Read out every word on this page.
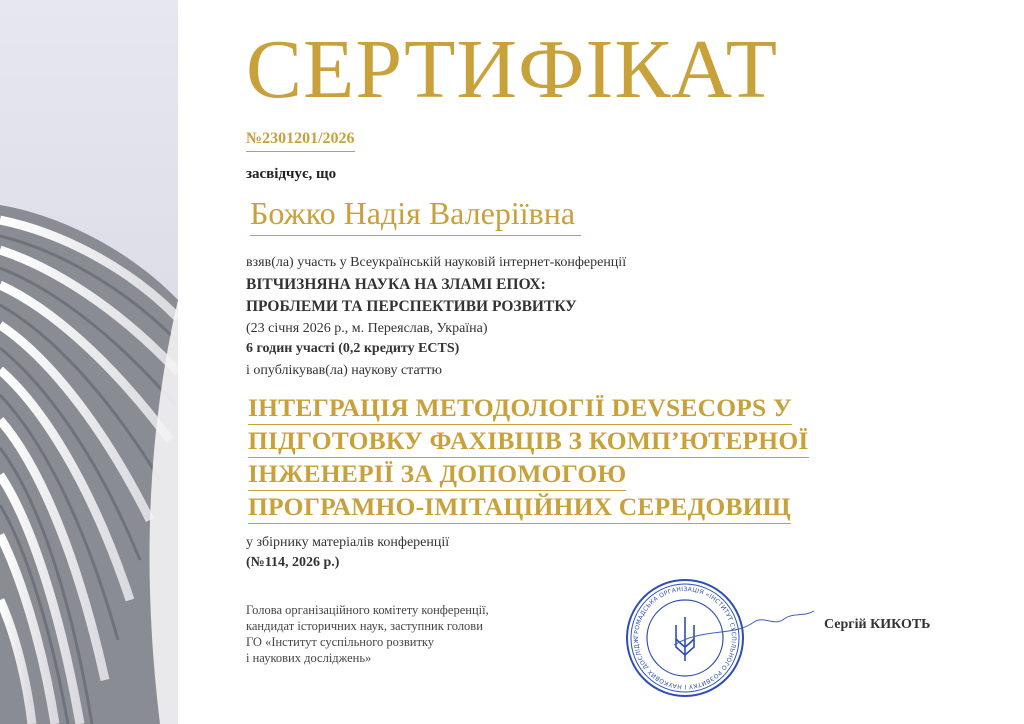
СЕРТИФІКАТ
№2301201/2026
засвідчує, що
Божко Надія Валеріївна
взяв(ла) участь у Всеукраїнській науковій інтернет-конференції
ВІТЧИЗНЯНА НАУКА НА ЗЛАМІ ЕПОХ:
ПРОБЛЕМИ ТА ПЕРСПЕКТИВИ РОЗВИТКУ
(23 січня 2026 р., м. Переяслав, Україна)
6 годин участі (0,2 кредиту ECTS)
і опублікував(ла) наукову статтю
ІНТЕГРАЦІЯ МЕТОДОЛОГІЇ DEVSECOPS У
ПІДГОТОВКУ ФАХІВЦІВ З КОМП’ЮТЕРНОЇ
ІНЖЕНЕРІЇ ЗА ДОПОМОГОЮ
ПРОГРАМНО-ІМІТАЦІЙНИХ СЕРЕДОВИЩ
у збірнику матеріалів конференції
(№114, 2026 р.)
Голова організаційного комітету конференції,
кандидат історичних наук, заступник голови
ГО «Інститут суспільного розвитку
і наукових досліджень»
ГРОМАДСЬКА ОРГАНІЗАЦІЯ «ІНСТИТУТ СУСПІЛЬНОГО РОЗВИТКУ І НАУКОВИХ ДОСЛІДЖ
Сергій КИКОТЬ
